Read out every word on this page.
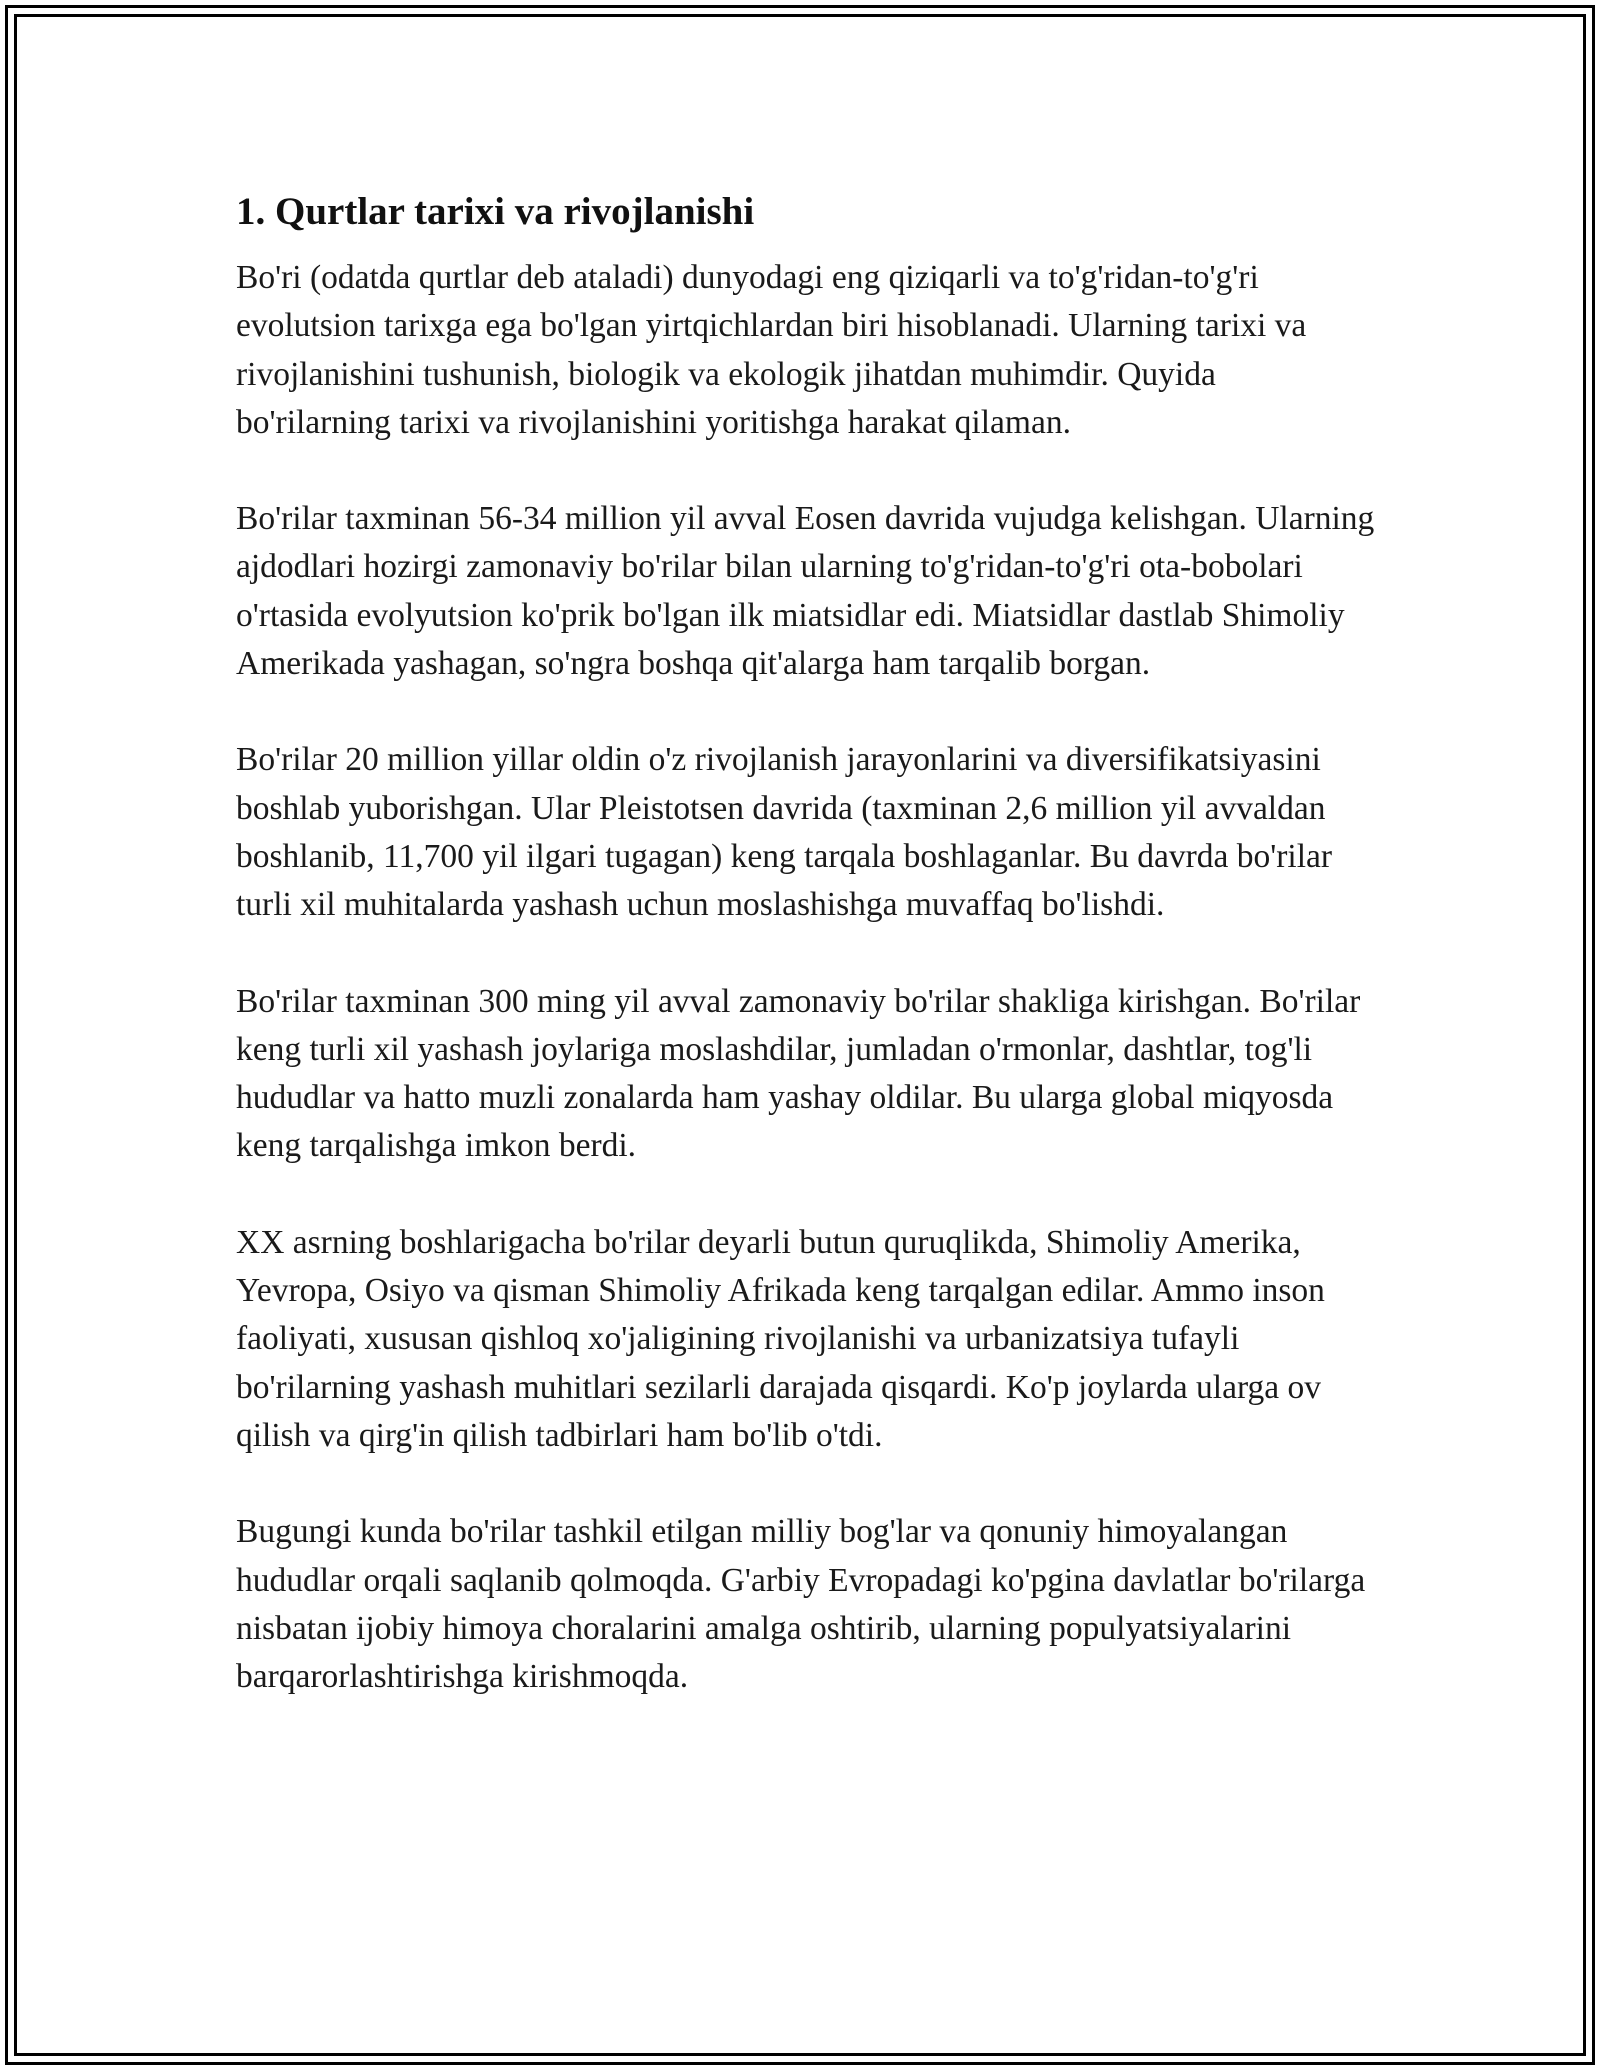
1. Qurtlar tarixi va rivojlanishi

Bo'ri (odatda qurtlar deb ataladi) dunyodagi eng qiziqarli va to'g'ridan-to'g'ri evolutsion tarixga ega bo'lgan yirtqichlardan biri hisoblanadi. Ularning tarixi va rivojlanishini tushunish, biologik va ekologik jihatdan muhimdir. Quyida bo'rilarning tarixi va rivojlanishini yoritishga harakat qilaman.

Bo'rilar taxminan 56-34 million yil avval Eosen davrida vujudga kelishgan. Ularning ajdodlari hozirgi zamonaviy bo'rilar bilan ularning to'g'ridan-to'g'ri ota-bobolari o'rtasida evolyutsion ko'prik bo'lgan ilk miatsidlar edi. Miatsidlar dastlab Shimoliy Amerikada yashagan, so'ngra boshqa qit'alarga ham tarqalib borgan.

Bo'rilar 20 million yillar oldin o'z rivojlanish jarayonlarini va diversifikatsiyasini boshlab yuborishgan. Ular Pleistotsen davrida (taxminan 2,6 million yil avvaldan boshlanib, 11,700 yil ilgari tugagan) keng tarqala boshlaganlar. Bu davrda bo'rilar turli xil muhitalarda yashash uchun moslashishga muvaffaq bo'lishdi.

Bo'rilar taxminan 300 ming yil avval zamonaviy bo'rilar shakliga kirishgan. Bo'rilar keng turli xil yashash joylariga moslashdilar, jumladan o'rmonlar, dashtlar, tog'li hududlar va hatto muzli zonalarda ham yashay oldilar. Bu ularga global miqyosda keng tarqalishga imkon berdi.

XX asrning boshlarigacha bo'rilar deyarli butun quruqlikda, Shimoliy Amerika, Yevropa, Osiyo va qisman Shimoliy Afrikada keng tarqalgan edilar. Ammo inson faoliyati, xususan qishloq xo'jaligining rivojlanishi va urbanizatsiya tufayli bo'rilarning yashash muhitlari sezilarli darajada qisqardi. Ko'p joylarda ularga ov qilish va qirg'in qilish tadbirlari ham bo'lib o'tdi.

Bugungi kunda bo'rilar tashkil etilgan milliy bog'lar va qonuniy himoyalangan hududlar orqali saqlanib qolmoqda. G'arbiy Evropadagi ko'pgina davlatlar bo'rilarga nisbatan ijobiy himoya choralarini amalga oshtirib, ularning populyatsiyalarini barqarorlashtirishga kirishmoqda.
